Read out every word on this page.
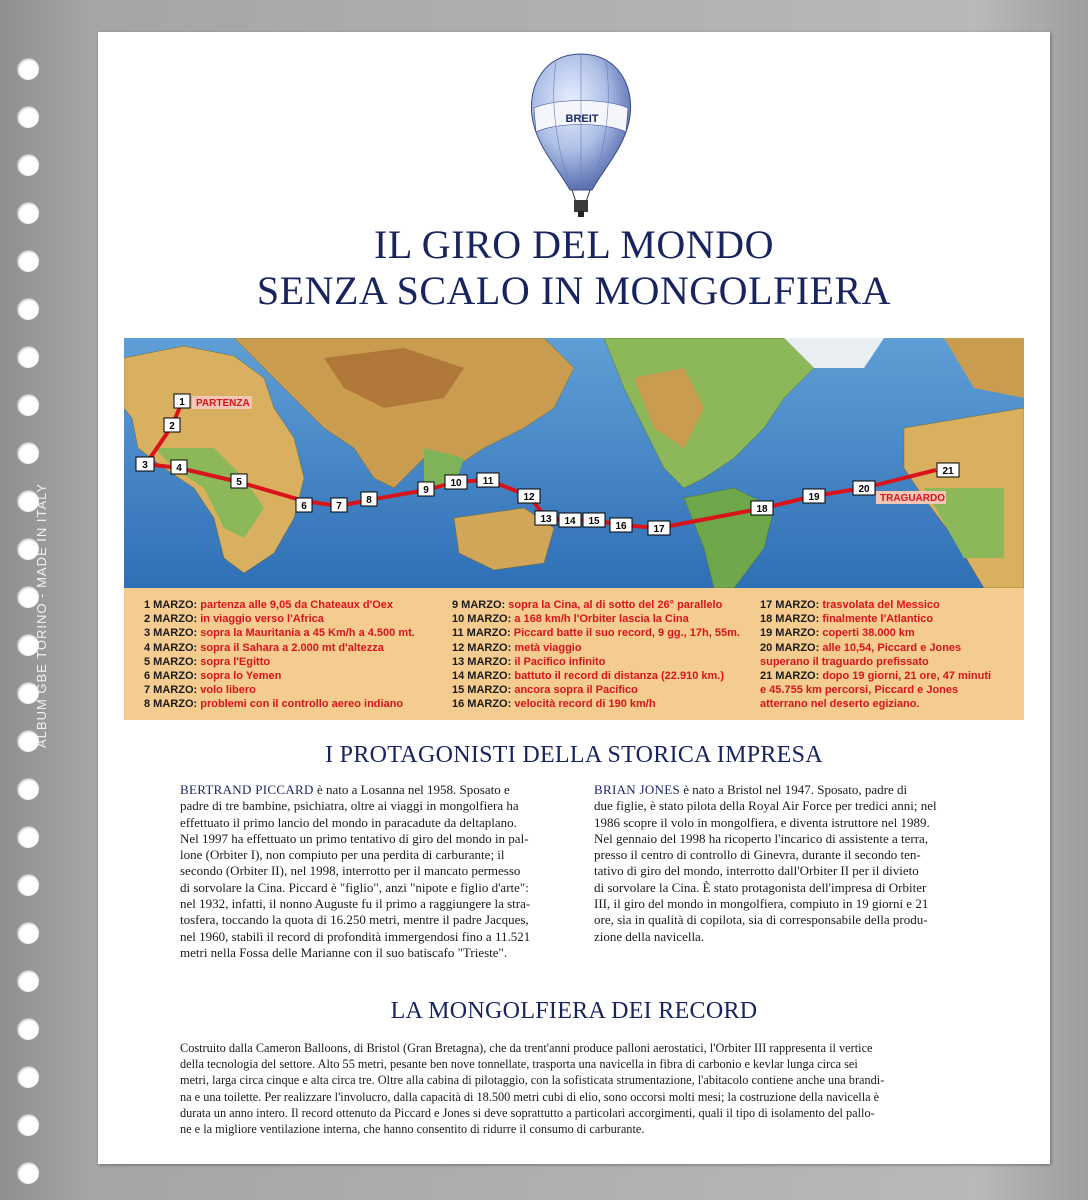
ALBUM GBE TORINO - MADE IN ITALY
BREIT
IL GIRO DEL MONDO
SENZA SCALO IN MONGOLFIERA
1
2
3	4
5
6	7
8
9
10 11
12
13 14 15 16	17
18
19
20
21
PARTENZA
TRAGUARDO
1 MARZO: partenza alle 9,05 da Chateaux d'Oex
2 MARZO: in viaggio verso l'Africa
3 MARZO: sopra la Mauritania a 45 Km/h a 4.500 mt.
4 MARZO: sopra il Sahara a 2.000 mt d'altezza
5 MARZO: sopra l'Egitto
6 MARZO: sopra lo Yemen
7 MARZO: volo libero
8 MARZO: problemi con il controllo aereo indiano
9 MARZO: sopra la Cina, al di sotto del 26° parallelo
10 MARZO: a 168 km/h l'Orbiter lascia la Cina
11 MARZO: Piccard batte il suo record, 9 gg., 17h, 55m.
12 MARZO: metà viaggio
13 MARZO: il Pacifico infinito
14 MARZO: battuto il record di distanza (22.910 km.)
15 MARZO: ancora sopra il Pacifico
16 MARZO: velocità record di 190 km/h
17 MARZO: trasvolata del Messico
18 MARZO: finalmente l'Atlantico
19 MARZO: coperti 38.000 km
20 MARZO: alle 10,54, Piccard e Jones
superano il traguardo prefissato
21 MARZO: dopo 19 giorni, 21 ore, 47 minuti
e 45.755 km percorsi, Piccard e Jones
atterrano nel deserto egiziano.
I PROTAGONISTI DELLA STORICA IMPRESA

BERTRAND PICCARD è nato a Losanna nel 1958. Sposato e

padre di tre bambine, psichiatra, oltre ai viaggi in mongolfiera ha

effettuato il primo lancio del mondo in paracadute da deltaplano.

Nel 1997 ha effettuato un primo tentativo di giro del mondo in pal-

lone (Orbiter I), non compiuto per una perdita di carburante; il

secondo (Orbiter II), nel 1998, interrotto per il mancato permesso

di sorvolare la Cina. Piccard è "figlio", anzi "nipote e figlio d'arte":

nel 1932, infatti, il nonno Auguste fu il primo a raggiungere la stra-

tosfera, toccando la quota di 16.250 metri, mentre il padre Jacques,

nel 1960, stabilì il record di profondità immergendosi fino a 11.521

metri nella Fossa delle Marianne con il suo batiscafo "Trieste".

BRIAN JONES è nato a Bristol nel 1947. Sposato, padre di

due figlie, è stato pilota della Royal Air Force per tredici anni; nel

1986 scopre il volo in mongolfiera, e diventa istruttore nel 1989.

Nel gennaio del 1998 ha ricoperto l'incarico di assistente a terra,

presso il centro di controllo di Ginevra, durante il secondo ten-

tativo di giro del mondo, interrotto dall'Orbiter II per il divieto

di sorvolare la Cina. È stato protagonista dell'impresa di Orbiter

III, il giro del mondo in mongolfiera, compiuto in 19 giorni e 21

ore, sia in qualità di copilota, sia di corresponsabile della produ-

zione della navicella.

LA MONGOLFIERA DEI RECORD

Costruito dalla Cameron Balloons, di Bristol (Gran Bretagna), che da trent'anni produce palloni aerostatici, l'Orbiter III rappresenta il vertice

della tecnologia del settore. Alto 55 metri, pesante ben nove tonnellate, trasporta una navicella in fibra di carbonio e kevlar lunga circa sei

metri, larga circa cinque e alta circa tre. Oltre alla cabina di pilotaggio, con la sofisticata strumentazione, l'abitacolo contiene anche una brandi-

na e una toilette. Per realizzare l'involucro, dalla capacità di 18.500 metri cubi di elio, sono occorsi molti mesi; la costruzione della navicella è

durata un anno intero. Il record ottenuto da Piccard e Jones si deve soprattutto a particolari accorgimenti, quali il tipo di isolamento del pallo-

ne e la migliore ventilazione interna, che hanno consentito di ridurre il consumo di carburante.
